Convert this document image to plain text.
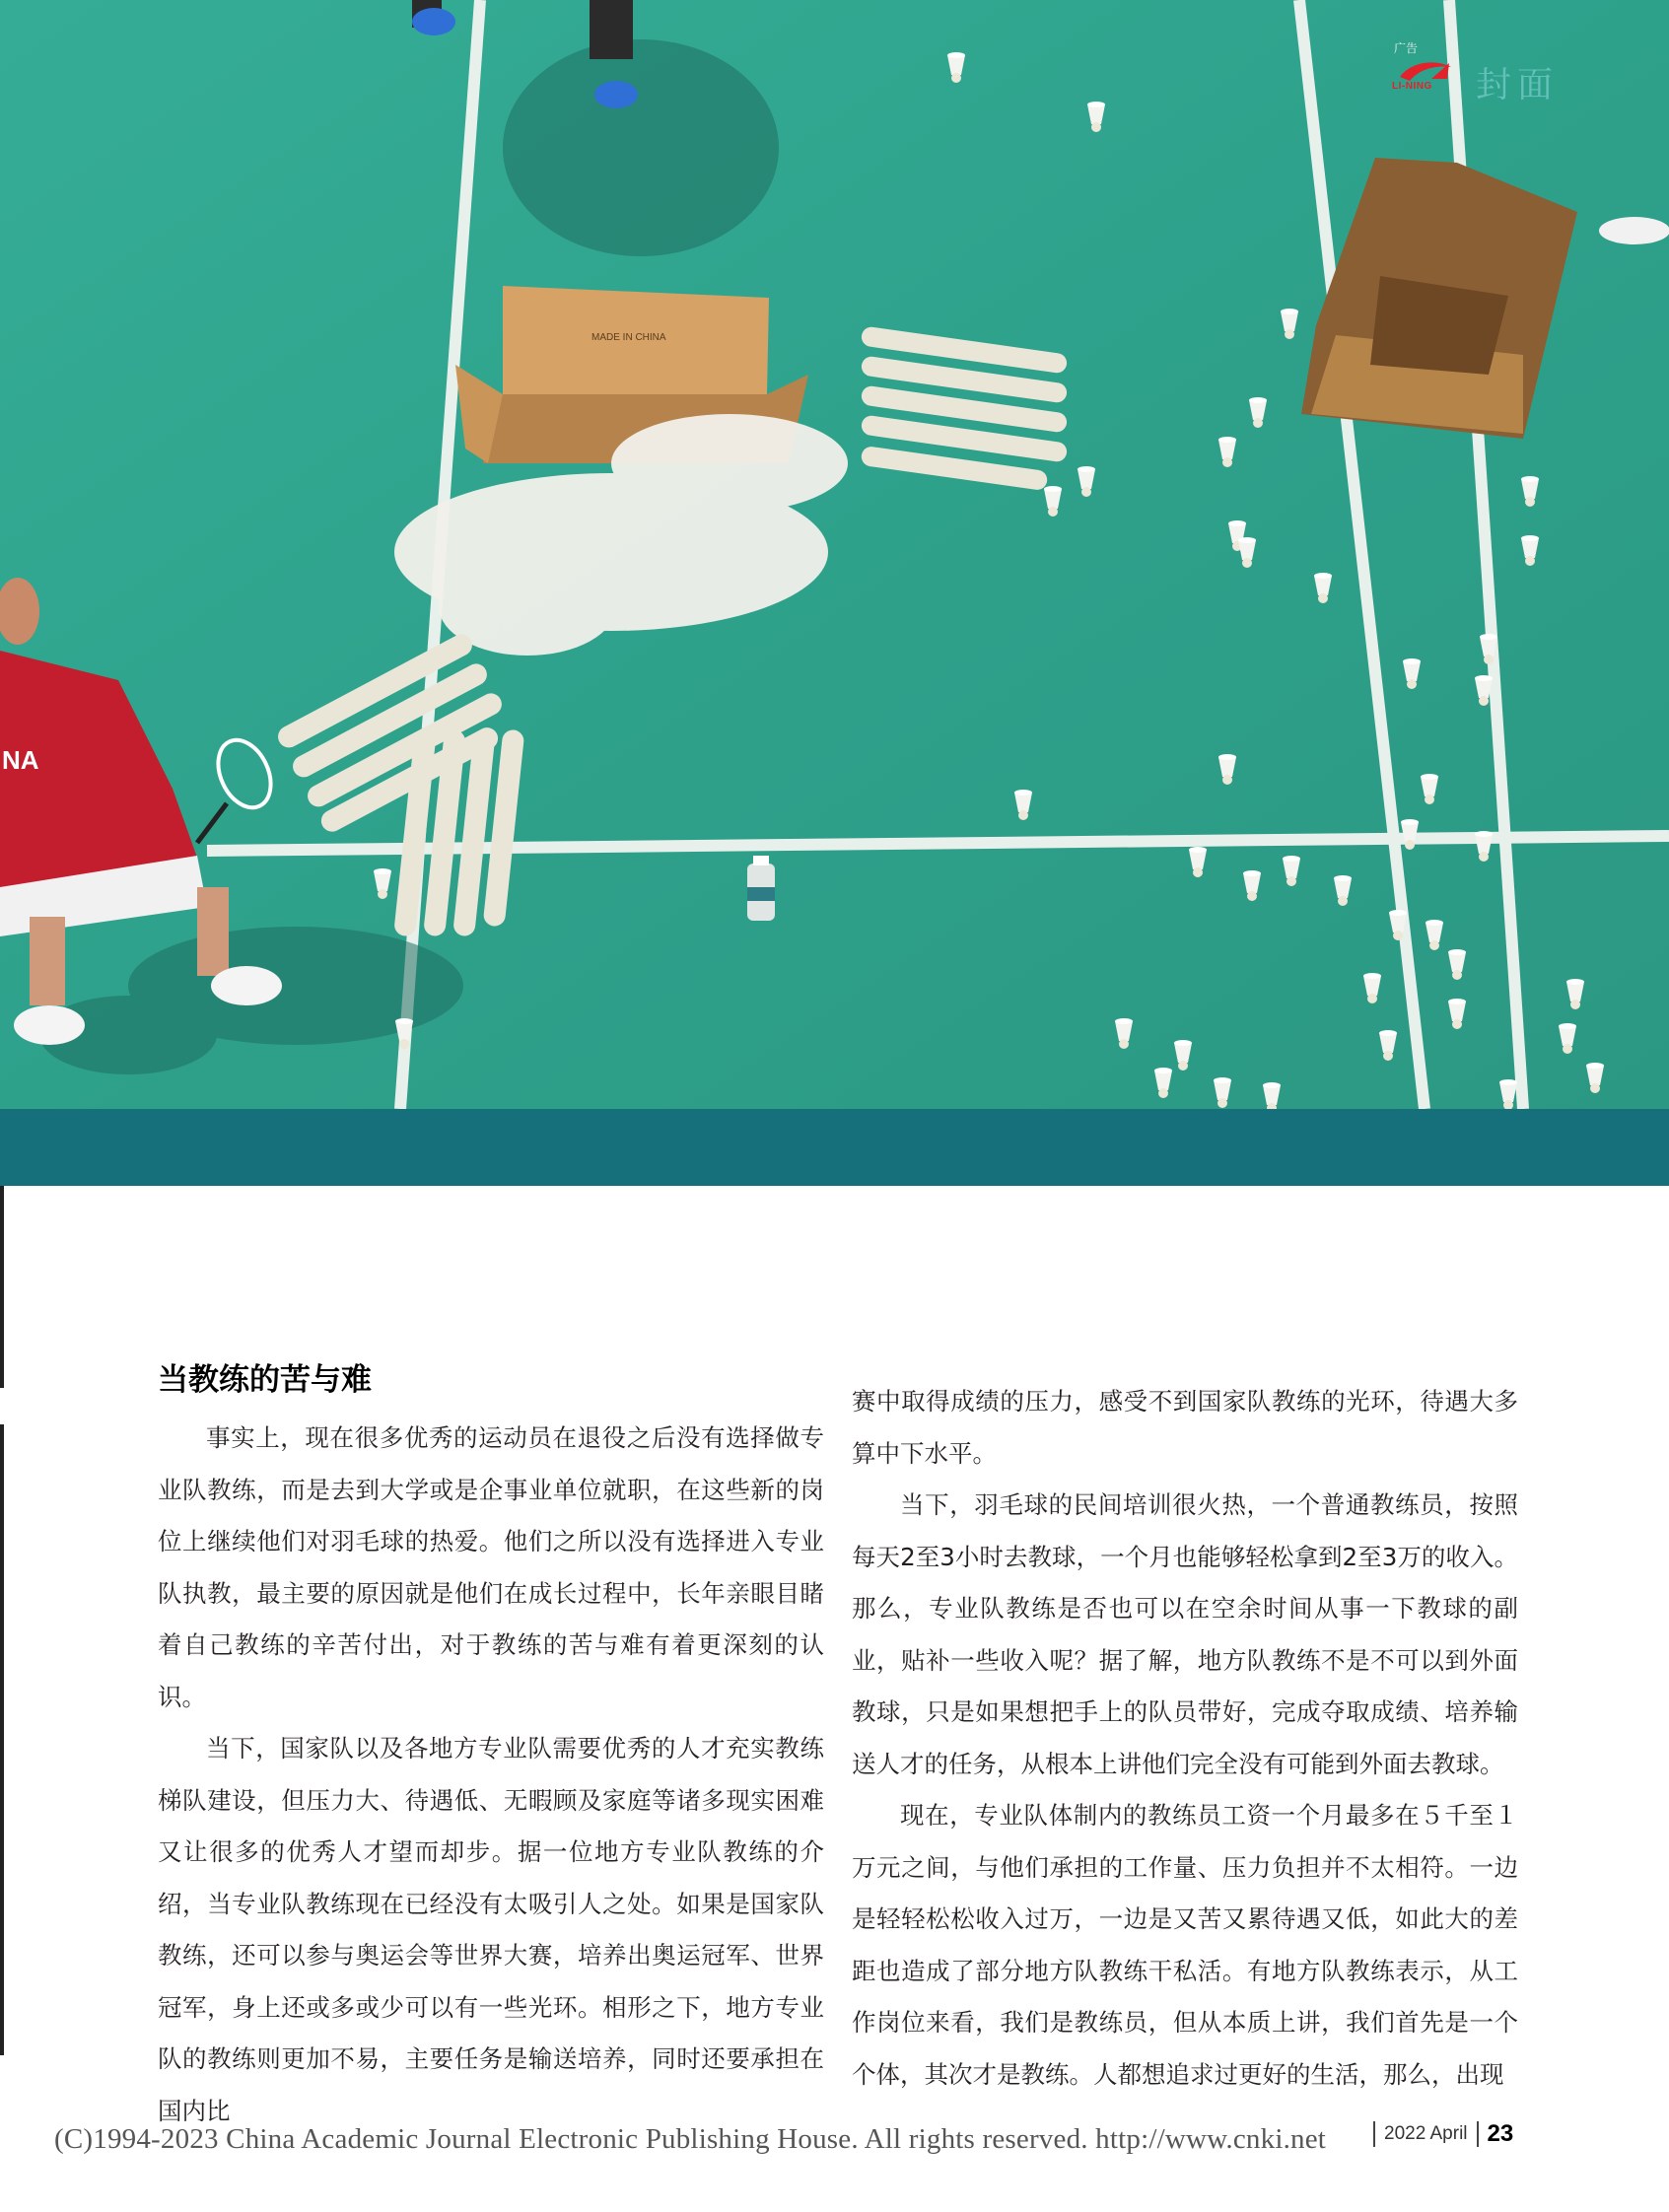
NA
MADE IN CHINA
广告
LI-NING 封面
当教练的苦与难

事实上，现在很多优秀的运动员在退役之后没有选择做专业队教练，而是去到大学或是企事业单位就职，在这些新的岗位上继续他们对羽毛球的热爱。他们之所以没有选择进入专业队执教，最主要的原因就是他们在成长过程中，长年亲眼目睹着自己教练的辛苦付出，对于教练的苦与难有着更深刻的认识。

当下，国家队以及各地方专业队需要优秀的人才充实教练梯队建设，但压力大、待遇低、无暇顾及家庭等诸多现实困难又让很多的优秀人才望而却步。据一位地方专业队教练的介绍，当专业队教练现在已经没有太吸引人之处。如果是国家队教练，还可以参与奥运会等世界大赛，培养出奥运冠军、世界冠军，身上还或多或少可以有一些光环。相形之下，地方专业队的教练则更加不易，主要任务是输送培养，同时还要承担在国内比

赛中取得成绩的压力，感受不到国家队教练的光环，待遇大多算中下水平。

当下，羽毛球的民间培训很火热，一个普通教练员，按照每天2至3小时去教球，一个月也能够轻松拿到2至3万的收入。那么，专业队教练是否也可以在空余时间从事一下教球的副业，贴补一些收入呢？据了解，地方队教练不是不可以到外面教球，只是如果想把手上的队员带好，完成夺取成绩、培养输送人才的任务，从根本上讲他们完全没有可能到外面去教球。

现在，专业队体制内的教练员工资一个月最多在５千至１万元之间，与他们承担的工作量、压力负担并不太相符。一边是轻轻松松收入过万，一边是又苦又累待遇又低，如此大的差距也造成了部分地方队教练干私活。有地方队教练表示，从工作岗位来看，我们是教练员，但从本质上讲，我们首先是一个个体，其次才是教练。人都想追求过更好的生活，那么，出现

(C)1994-2023 China Academic Journal Electronic Publishing House. All rights reserved. http://www.cnki.net	2022 April 23
